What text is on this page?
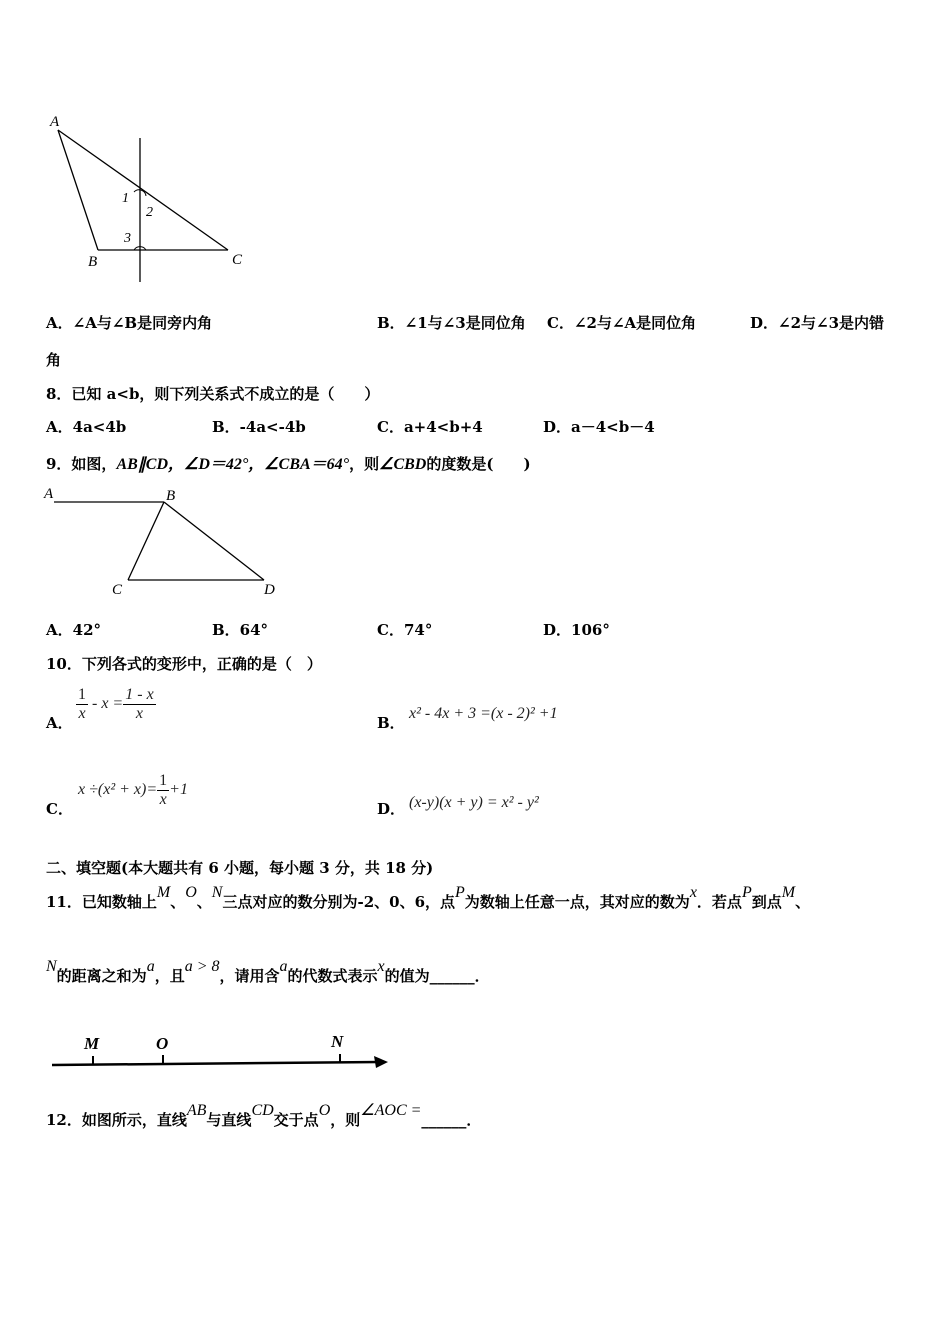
A
B	C
1
2
3
A．∠A与∠B是同旁内角	B．∠1与∠3是同位角 C．∠2与∠A是同位角	D．∠2与∠3是内错
角
8．已知 a<b，则下列关系式不成立的是（　　）
A．4a<4b	B．-4a<-4b	C．a+4<b+4	D．a－4<b－4
9．如图，AB∥CD，∠D＝42°，∠CBA＝64°，则∠CBD的度数是(　　)
A	B
C	D
A．42°	B．64°	C．74°	D．106°
10．下列各式的变形中，正确的是（　）
A． $\frac{1}{x} - x = \frac{1 - x}{x}$	B．
x² - 4x + 3 =(x - 2)² +1
C．
$x \div(x^2 + x)= \frac{1}{x} +1$
D． (x-y)(x + y) = x² - y²
二、填空题(本大题共有 6 小题，每小题 3 分，共 18 分)
11．已知数轴上M、O、N三点对应的数分别为-2、0、6，点P为数轴上任意一点，其对应的数为x．若点P到点M、
N的距离之和为a，且a > 8，请用含a的代数式表示x的值为______．
M	O	N
12．如图所示，直线AB与直线CD交于点O，则∠AOC =______．
